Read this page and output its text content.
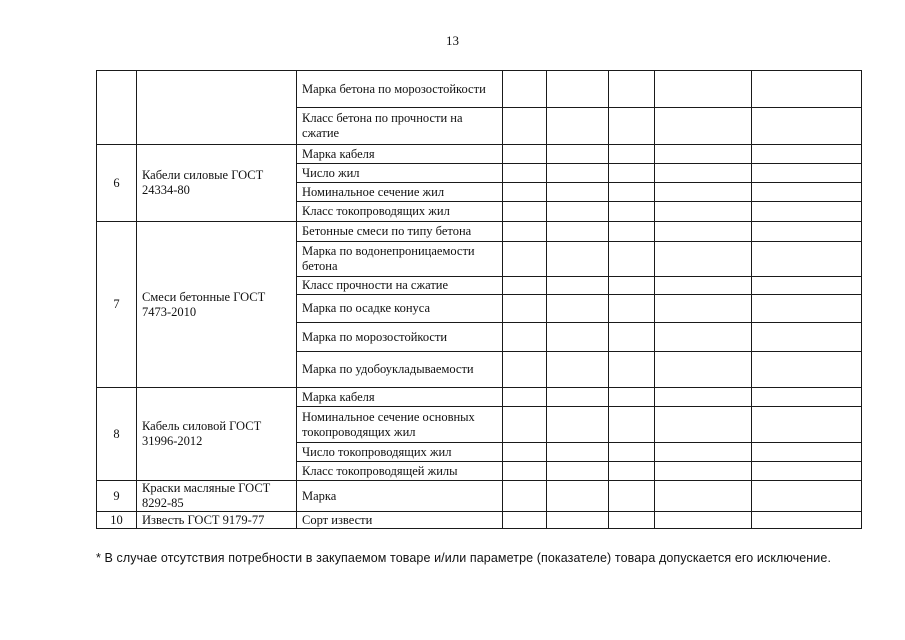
13
		Марка бетона по морозостойкости					
		Класс бетона по прочности на сжатие					
6	Кабели силовые ГОСТ 24334-80	Марка кабеля					
		Число жил					
		Номинальное сечение жил					
		Класс токопроводящих жил					
7	Смеси бетонные ГОСТ 7473-2010	Бетонные смеси по типу бетона					
		Марка по водонепроницаемости бетона					
		Класс прочности на сжатие					
		Марка по осадке конуса					
		Марка по морозостойкости					
		Марка по удобоукладываемости					
8	Кабель силовой ГОСТ 31996-2012	Марка кабеля					
		Номинальное сечение основных токопроводящих жил					
		Число токопроводящих жил					
		Класс токопроводящей жилы					
9	Краски масляные ГОСТ 8292-85	Марка					
10	Известь ГОСТ 9179-77	Сорт извести					
* В случае отсутствия потребности в закупаемом товаре и/или параметре (показателе) товара допускается его исключение.
